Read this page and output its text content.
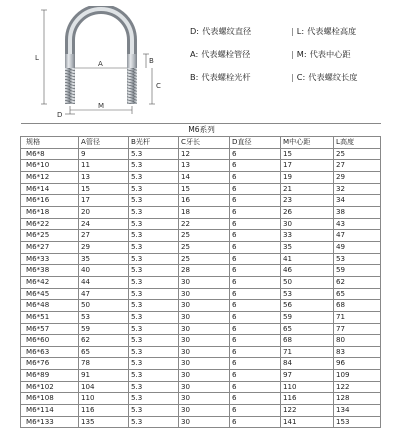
L
A	B
C
M
D
D: 代表螺纹直径	| L: 代表螺栓高度
A: 代表螺栓管径	| M: 代表中心距
B: 代表螺栓光杆	| C: 代表螺纹长度
M6系列						
规格	A管径	B光杆	C牙长	D直径	M中心距	L高度
M6*8	9	5.3	12	6	15	25
M6*10	11	5.3	13	6	17	27
M6*12	13	5.3	14	6	19	29
M6*14	15	5.3	15	6	21	32
M6*16	17	5.3	16	6	23	34
M6*18	20	5.3	18	6	26	38
M6*22	24	5.3	22	6	30	43
M6*25	27	5.3	25	6	33	47
M6*27	29	5.3	25	6	35	49
M6*33	35	5.3	25	6	41	53
M6*38	40	5.3	28	6	46	59
M6*42	44	5.3	30	6	50	62
M6*45	47	5.3	30	6	53	65
M6*48	50	5.3	30	6	56	68
M6*51	53	5.3	30	6	59	71
M6*57	59	5.3	30	6	65	77
M6*60	62	5.3	30	6	68	80
M6*63	65	5.3	30	6	71	83
M6*76	78	5.3	30	6	84	96
M6*89	91	5.3	30	6	97	109
M6*102	104	5.3	30	6	110	122
M6*108	110	5.3	30	6	116	128
M6*114	116	5.3	30	6	122	134
M6*133	135	5.3	30	6	141	153
